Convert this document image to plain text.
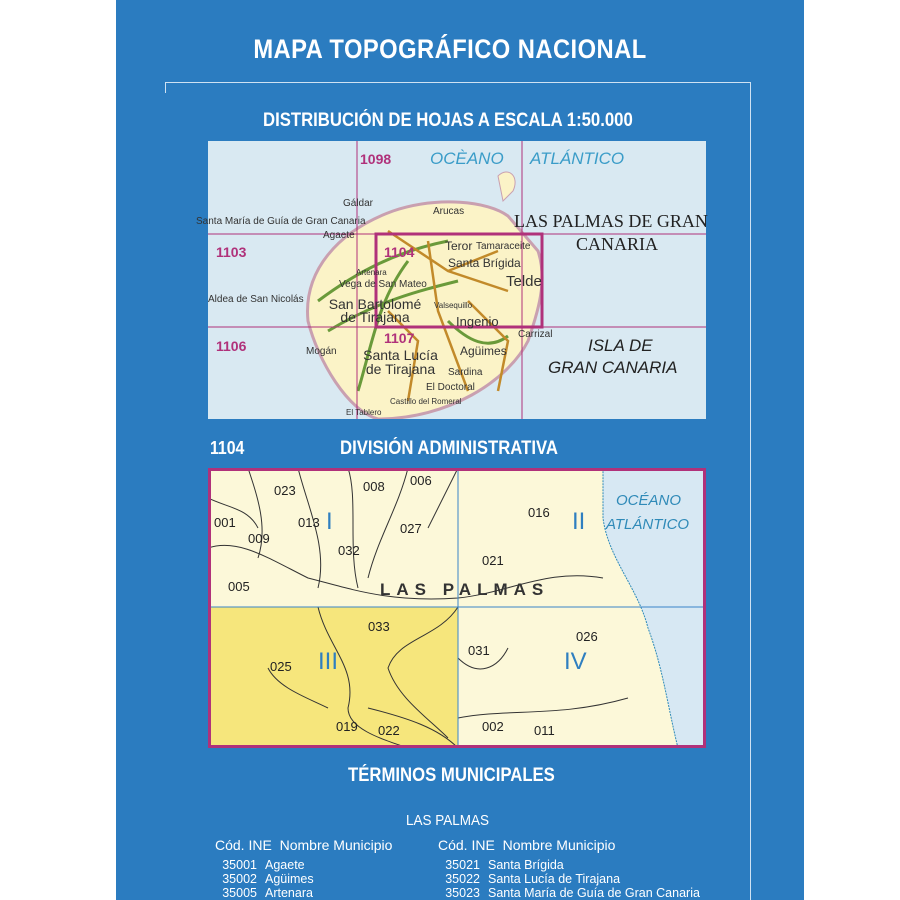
MAPA TOPOGRÁFICO NACIONAL
DISTRIBUCIÓN DE HOJAS A ESCALA 1:50.000
1098
1103	1104
1106	1107
OCÈANO ATLÁNTICO
LAS PALMAS DE GRAN
CANARIA
ISLA DE
GRAN CANARIA
Gáldar
Santa María de Guía de Gran Canaria
Agaete
Arucas
Teror Tamaraceite
Santa Brígida
Telde
Artenara
Vega de San Mateo
Aldea de San Nicolás	San Bartolomé de Tirajana
Valsequillo
Ingenio
Carrizal
Mogán	Santa Lucía de Tirajana
Agüimes
Sardina
El Doctoral
Castillo del Romeral
El Tablero
1104	DIVISIÓN ADMINISTRATIVA
I	II
III	IV
LAS PALMAS
OCÉANO
ATLÁNTICO
023	008 006
001	013	027
016
009
032
021
005
033
026
031
025
019 022	002 011
TÉRMINOS MUNICIPALES
LAS PALMAS
Cód. INE Nombre Municipio
35001 Agaete
35002 Agüimes
35005 Artenara
Cód. INE Nombre Municipio
35021 Santa Brígida
35022 Santa Lucía de Tirajana
35023 Santa María de Guía de Gran Canaria
